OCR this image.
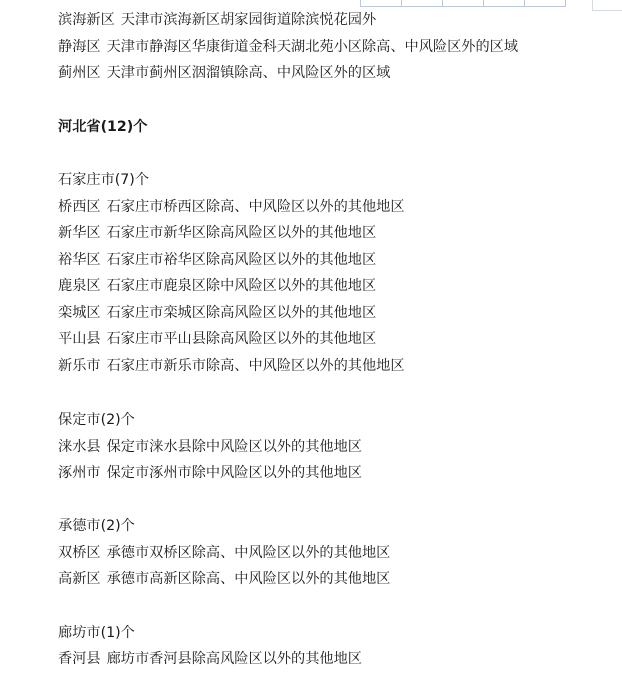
滨海新区 天津市滨海新区胡家园街道除滨悦花园外
静海区 天津市静海区华康街道金科天湖北苑小区除高、中风险区外的区域
蓟州区 天津市蓟州区洇溜镇除高、中风险区外的区域
河北省(12)个
石家庄市(7)个
桥西区 石家庄市桥西区除高、中风险区以外的其他地区
新华区 石家庄市新华区除高风险区以外的其他地区
裕华区 石家庄市裕华区除高风险区以外的其他地区
鹿泉区 石家庄市鹿泉区除中风险区以外的其他地区
栾城区 石家庄市栾城区除高风险区以外的其他地区
平山县 石家庄市平山县除高风险区以外的其他地区
新乐市 石家庄市新乐市除高、中风险区以外的其他地区
保定市(2)个
涞水县 保定市涞水县除中风险区以外的其他地区
涿州市 保定市涿州市除中风险区以外的其他地区
承德市(2)个
双桥区 承德市双桥区除高、中风险区以外的其他地区
高新区 承德市高新区除高、中风险区以外的其他地区
廊坊市(1)个
香河县 廊坊市香河县除高风险区以外的其他地区
